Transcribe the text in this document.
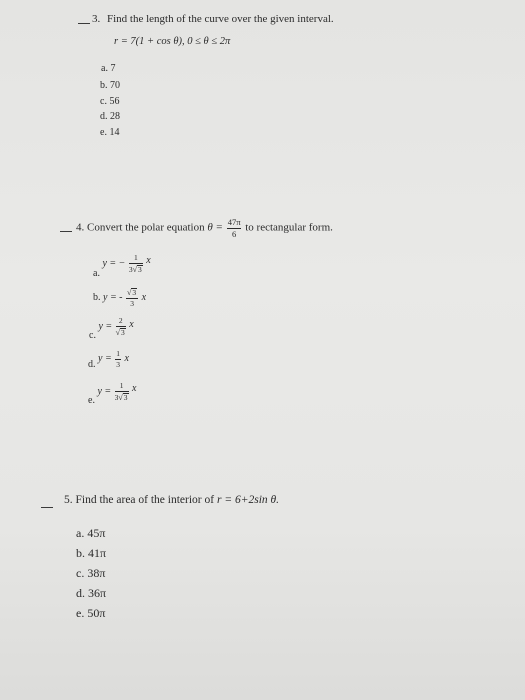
3. Find the length of the curve over the given interval.
r = 7(1 + cos θ), 0 ≤ θ ≤ 2π
a. 7
b. 70
c. 56
d. 28
e. 14
4. Convert the polar equation $\theta = \frac{47\pi}{6}$ to rectangular form.
a. y = − $\frac{1}{3√3}$ x
b. y = - $\frac{√3}{3}$ x
c. $y = \frac{2}{√3}$ x
d. $y = \frac{1}{3}$ x
e. $y = \frac{1}{3√3}$ x
5. Find the area of the interior of r = 6+2sin θ.
a. 45π
b. 41π
c. 38π
d. 36π
e. 50π
